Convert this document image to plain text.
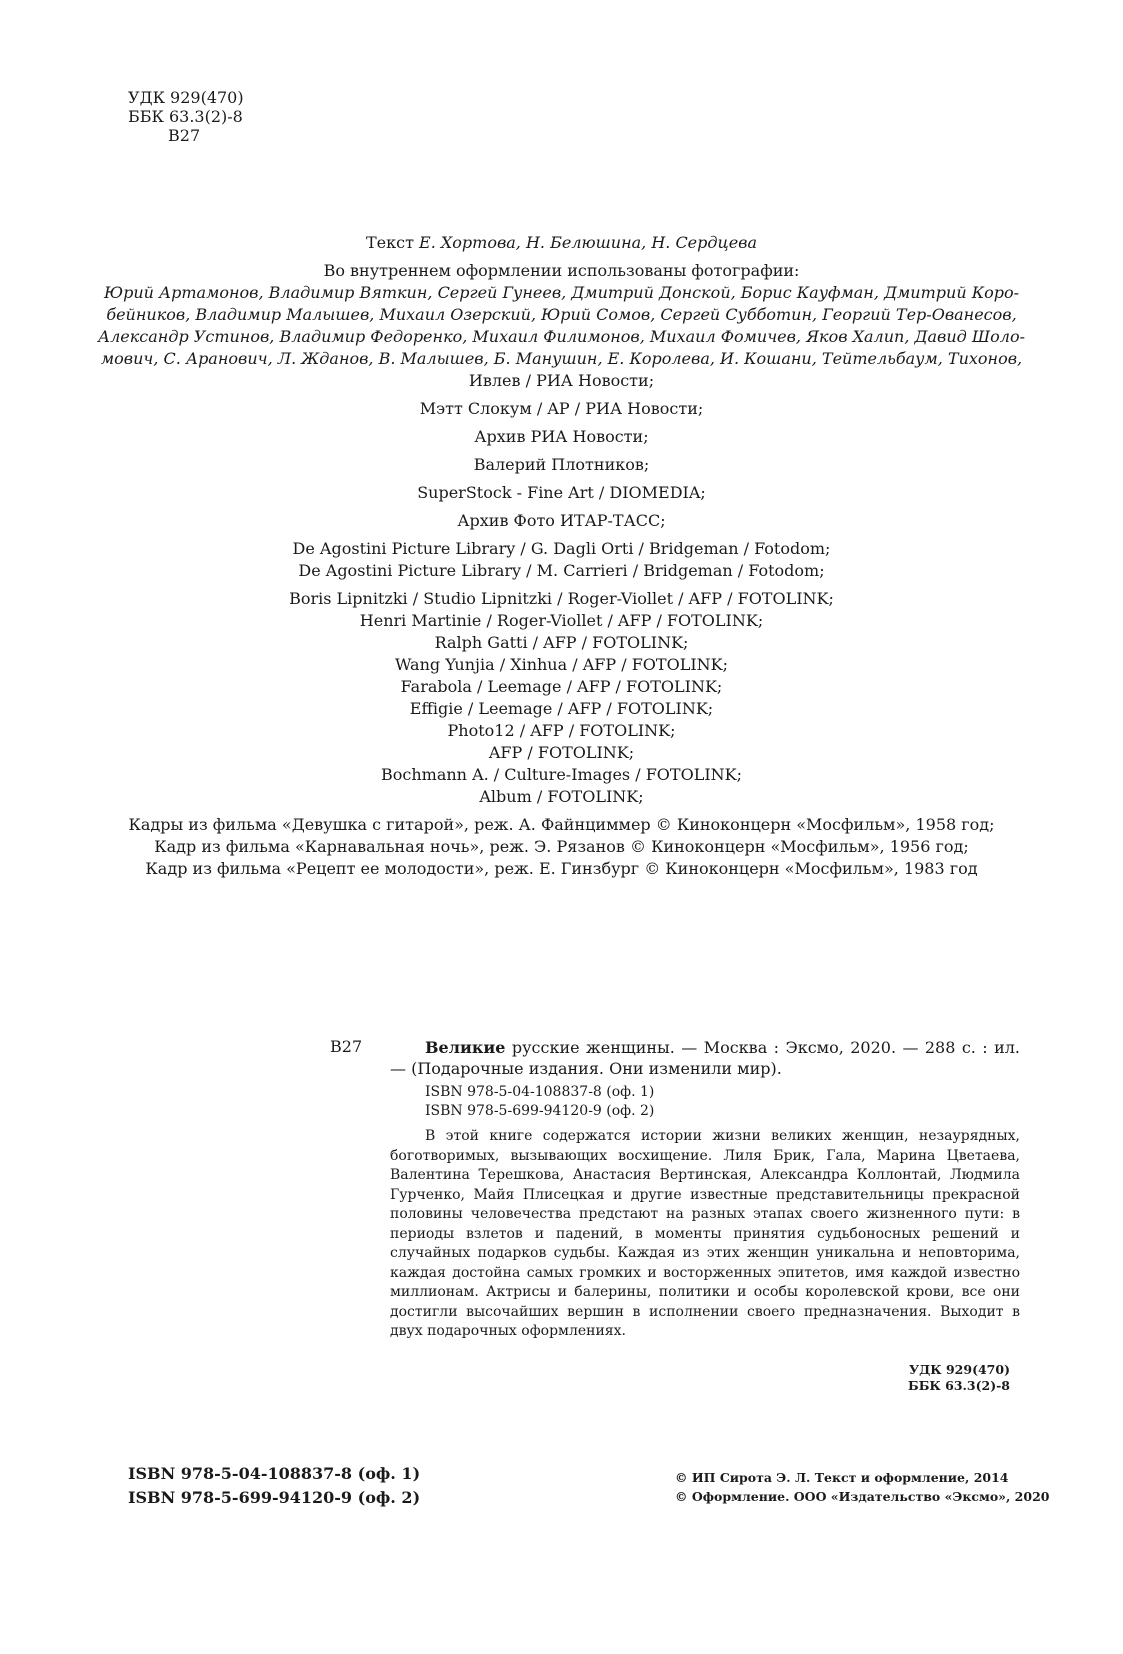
УДК 929(470)
ББК 63.3(2)-8
В27
Текст Е. Хортова, Н. Белюшина, Н. Сердцева
Во внутреннем оформлении использованы фотографии:
Юрий Артамонов, Владимир Вяткин, Сергей Гунеев, Дмитрий Донской, Борис Кауфман, Дмитрий Коро-
бейников, Владимир Малышев, Михаил Озерский, Юрий Сомов, Сергей Субботин, Георгий Тер-Ованесов,
Александр Устинов, Владимир Федоренко, Михаил Филимонов, Михаил Фомичев, Яков Халип, Давид Шоло-
мович, С. Аранович, Л. Жданов, В. Малышев, Б. Манушин, Е. Королева, И. Кошани, Тейтельбаум, Тихонов,
Ивлев / РИА Новости;
Мэтт Слокум / AP / РИА Новости;
Архив РИА Новости;
Валерий Плотников;
SuperStock - Fine Art / DIOMEDIA;
Архив Фото ИТАР-ТАСС;
De Agostini Picture Library / G. Dagli Orti / Bridgeman / Fotodom;
De Agostini Picture Library / M. Carrieri / Bridgeman / Fotodom;
Boris Lipnitzki / Studio Lipnitzki / Roger-Viollet / AFP / FOTOLINK;
Henri Martinie / Roger-Viollet / AFP / FOTOLINK;
Ralph Gatti / AFP / FOTOLINK;
Wang Yunjia / Xinhua / AFP / FOTOLINK;
Farabola / Leemage / AFP / FOTOLINK;
Effigie / Leemage / AFP / FOTOLINK;
Photo12 / AFP / FOTOLINK;
AFP / FOTOLINK;
Bochmann A. / Culture-Images / FOTOLINK;
Album / FOTOLINK;
Кадры из фильма «Девушка с гитарой», реж. А. Файнциммер © Киноконцерн «Мосфильм», 1958 год;
Кадр из фильма «Карнавальная ночь», реж. Э. Рязанов © Киноконцерн «Мосфильм», 1956 год;
Кадр из фильма «Рецепт ее молодости», реж. Е. Гинзбург © Киноконцерн «Мосфильм», 1983 год
В27	Великие русские женщины. — Москва : Эксмо, 2020. — 288 с. : ил. — (Подарочные издания. Они изменили мир).
ISBN 978-5-04-108837-8 (оф. 1)
ISBN 978-5-699-94120-9 (оф. 2)
В этой книге содержатся истории жизни великих женщин, незаурядных, боготворимых, вызывающих восхищение. Лиля Брик, Гала, Марина Цветаева, Валентина Терешкова, Анастасия Вертинская, Александра Коллонтай, Людмила Гурченко, Майя Плисецкая и другие известные представительницы прекрасной половины человечества предстают на разных этапах своего жизненного пути: в периоды взлетов и падений, в моменты принятия судьбоносных решений и случайных подарков судьбы. Каждая из этих женщин уникальна и неповторима, каждая достойна самых громких и восторженных эпитетов, имя каждой известно миллионам. Актрисы и балерины, политики и особы королевской крови, все они достигли высочайших вершин в исполнении своего предназначения. Выходит в двух подарочных оформлениях.
УДК 929(470)
ББК 63.3(2)-8
ISBN 978-5-04-108837-8 (оф. 1)
ISBN 978-5-699-94120-9 (оф. 2)
© ИП Сирота Э. Л. Текст и оформление, 2014
© Оформление. ООО «Издательство «Эксмо», 2020
